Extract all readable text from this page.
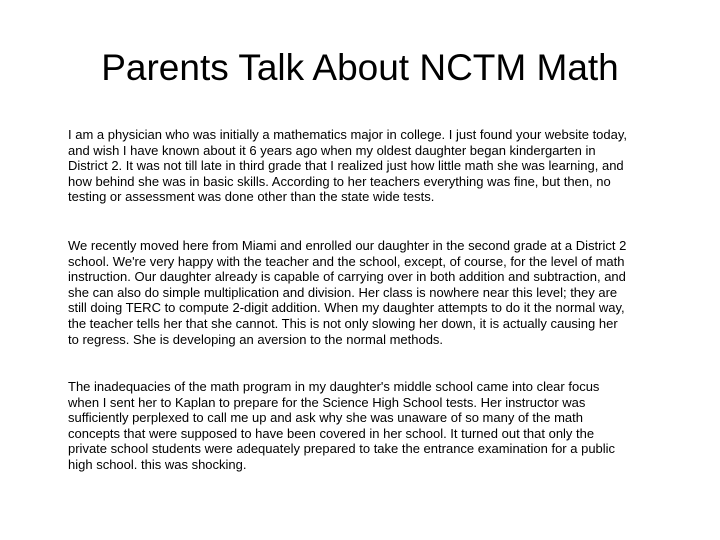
Parents Talk About NCTM Math

I am a physician who was initially a mathematics major in college. I just found your website today,
and wish I have known about it 6 years ago when my oldest daughter began kindergarten in
District 2. It was not till late in third grade that I realized just how little math she was learning, and
how behind she was in basic skills. According to her teachers everything was fine, but then, no
testing or assessment was done other than the state wide tests.

We recently moved here from Miami and enrolled our daughter in the second grade at a District 2
school. We're very happy with the teacher and the school, except, of course, for the level of math
instruction. Our daughter already is capable of carrying over in both addition and subtraction, and
she can also do simple multiplication and division. Her class is nowhere near this level; they are
still doing TERC to compute 2-digit addition. When my daughter attempts to do it the normal way,
the teacher tells her that she cannot. This is not only slowing her down, it is actually causing her
to regress. She is developing an aversion to the normal methods.

The inadequacies of the math program in my daughter's middle school came into clear focus
when I sent her to Kaplan to prepare for the Science High School tests. Her instructor was
sufficiently perplexed to call me up and ask why she was unaware of so many of the math
concepts that were supposed to have been covered in her school. It turned out that only the
private school students were adequately prepared to take the entrance examination for a public
high school. this was shocking.
